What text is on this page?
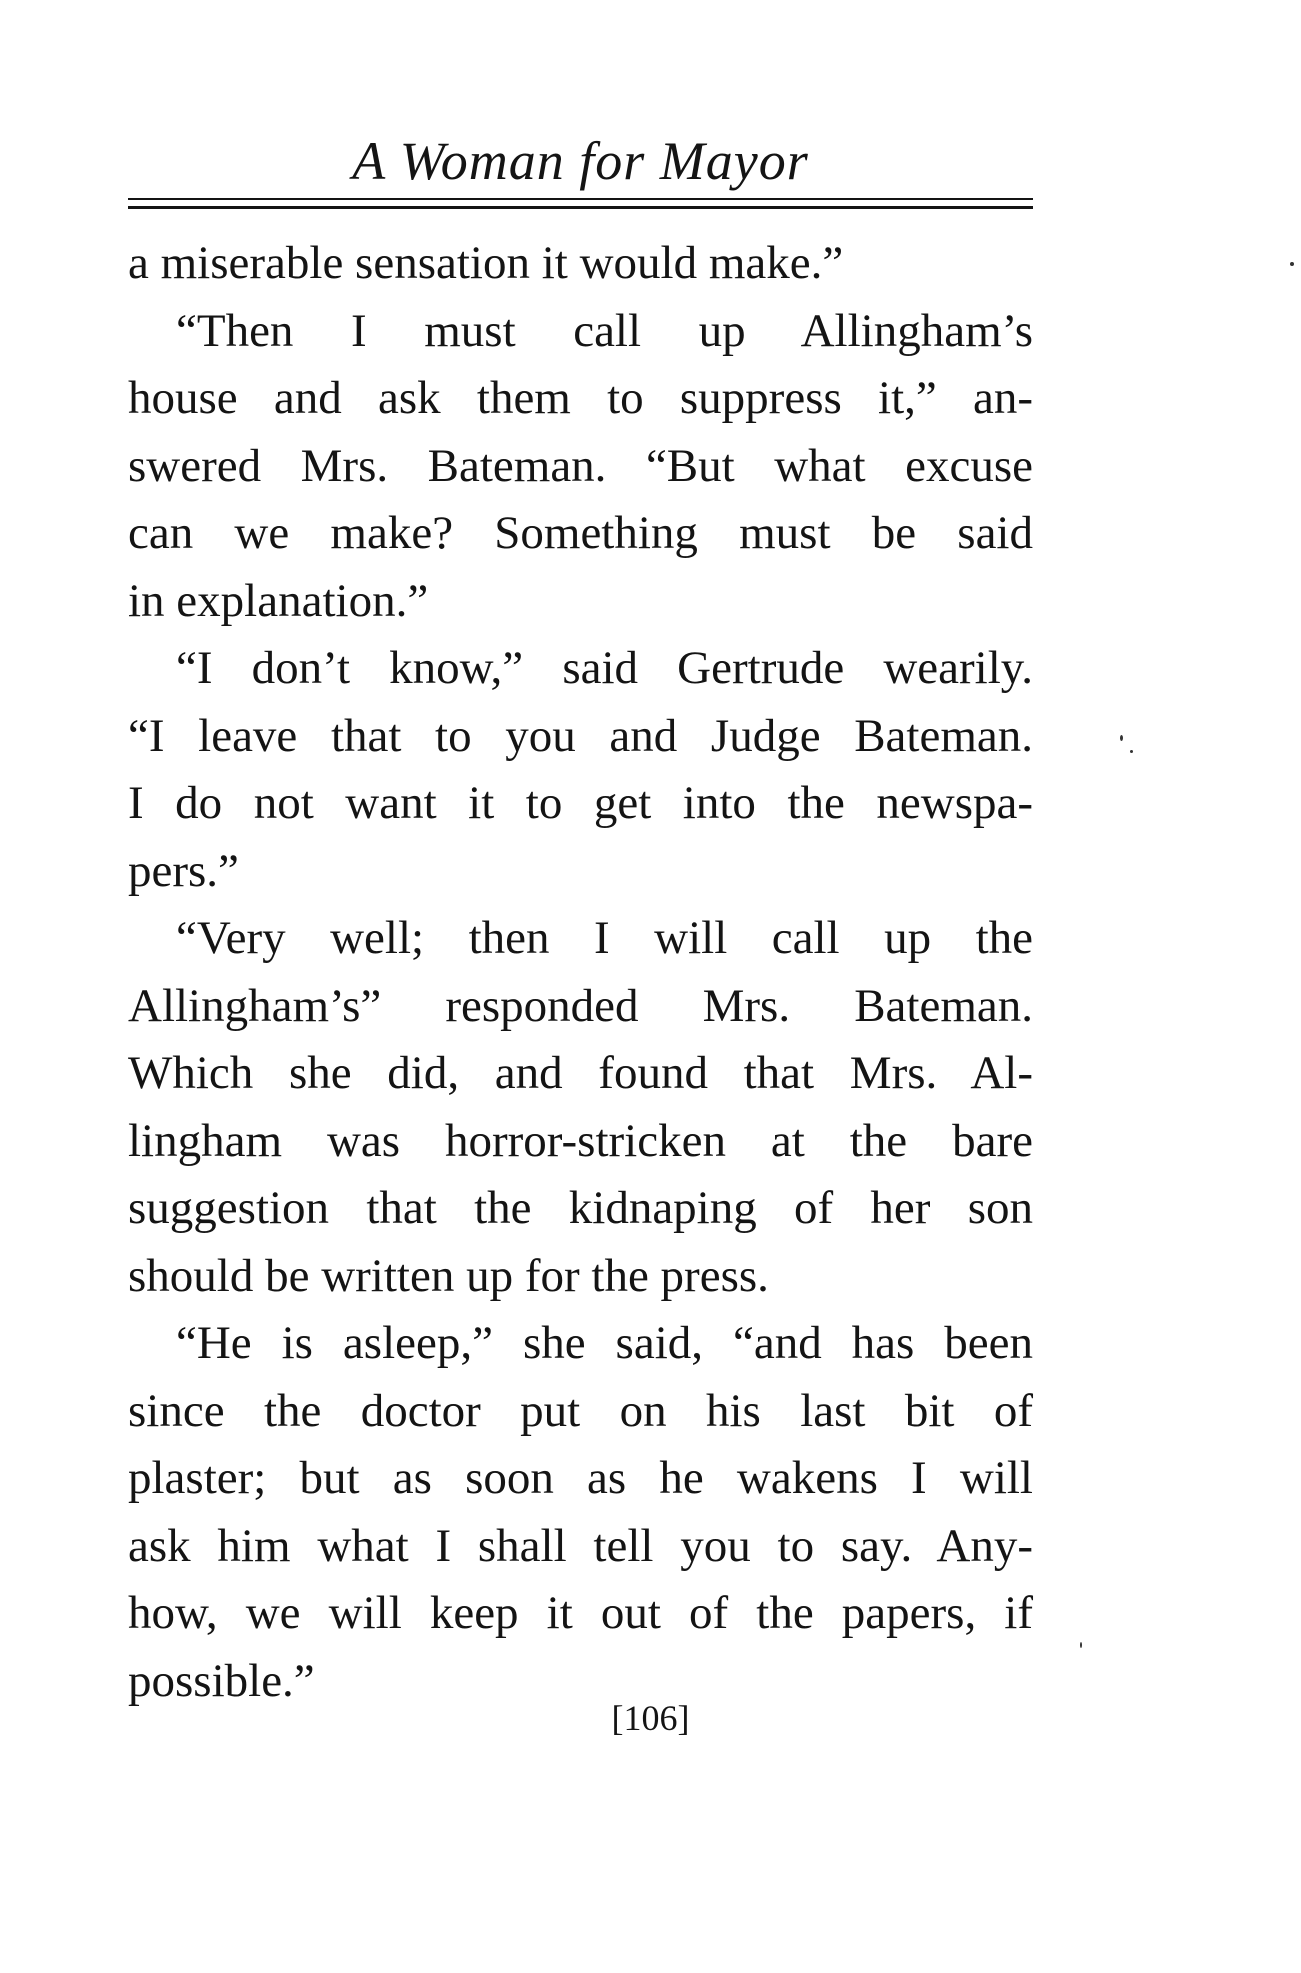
A Woman for Mayor
a miserable sensation it would make.”
“Then I must call up Allingham’s
house and ask them to suppress it,” an-
swered Mrs. Bateman. “But what excuse
can we make? Something must be said
in explanation.”
“I don’t know,” said Gertrude wearily.
“I leave that to you and Judge Bateman.
I do not want it to get into the newspa-
pers.”
“Very well; then I will call up the
Allingham’s” responded Mrs. Bateman.
Which she did, and found that Mrs. Al-
lingham was horror-stricken at the bare
suggestion that the kidnaping of her son
should be written up for the press.
“He is asleep,” she said, “and has been
since the doctor put on his last bit of
plaster; but as soon as he wakens I will
ask him what I shall tell you to say. Any-
how, we will keep it out of the papers, if
possible.”
[106]
